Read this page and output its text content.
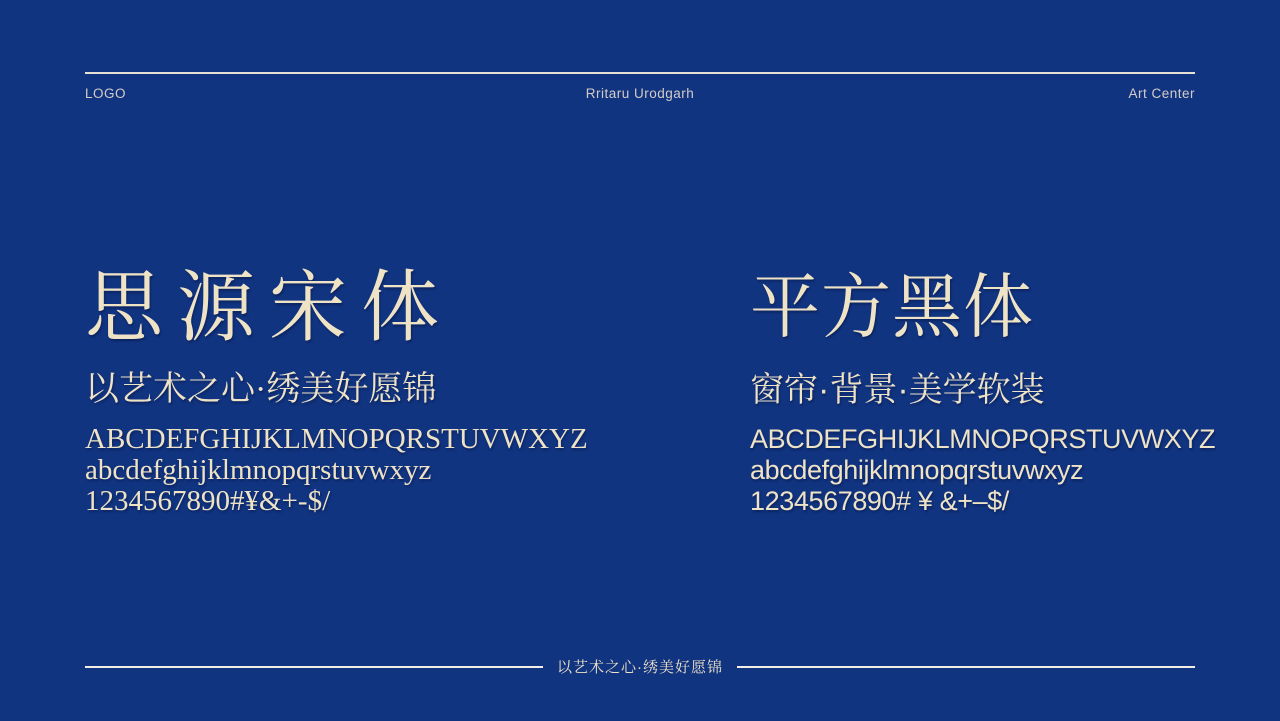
LOGO	Rritaru Urodgarh	Art Center
思源宋体
以艺术之心·绣美好愿锦
ABCDEFGHIJKLMNOPQRSTUVWXYZ
abcdefghijklmnopqrstuvwxyz
1234567890#¥&+-$/
平方黑体
窗帘·背景·美学软装
ABCDEFGHIJKLMNOPQRSTUVWXYZ
abcdefghijklmnopqrstuvwxyz
1234567890# ¥ &+–$/
以艺术之心·绣美好愿锦
